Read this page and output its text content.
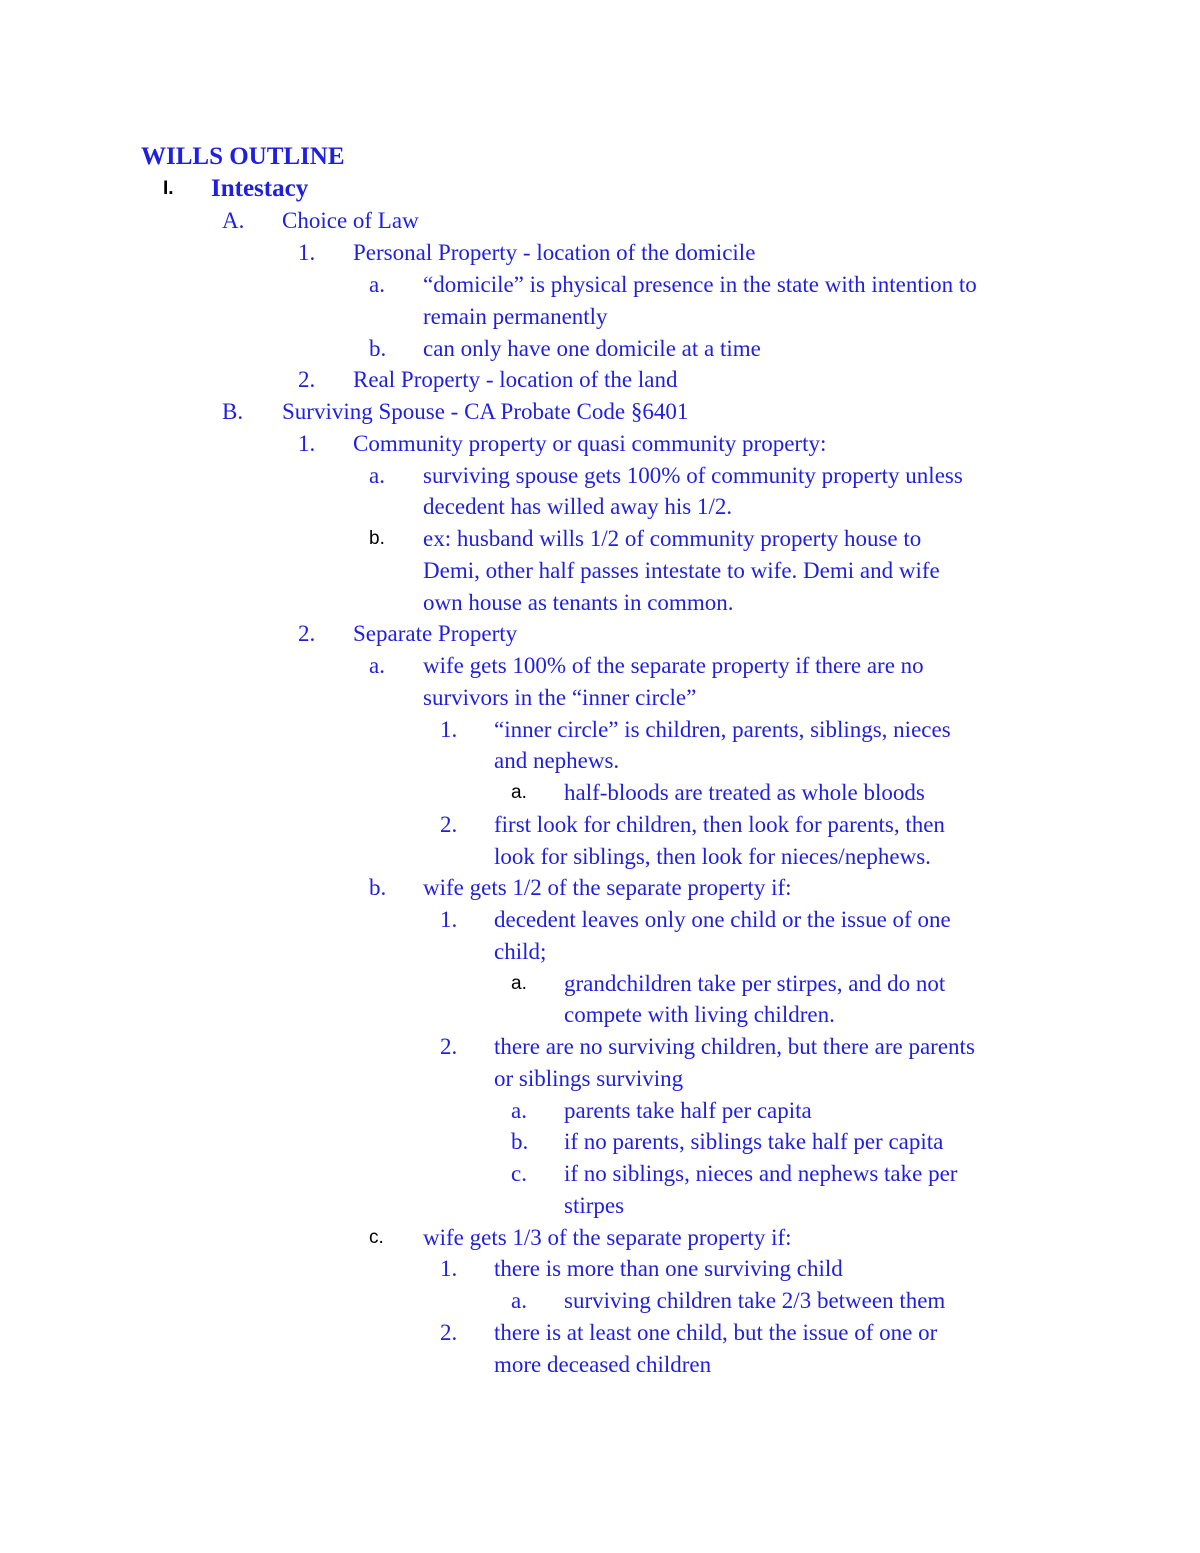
WILLS OUTLINE
I. Intestacy
A. Choice of Law
1. Personal Property - location of the domicile
a. “domicile” is physical presence in the state with intention to
remain permanently
b. can only have one domicile at a time
2. Real Property - location of the land
B. Surviving Spouse - CA Probate Code §6401
1. Community property or quasi community property:
a. surviving spouse gets 100% of community property unless
decedent has willed away his 1/2.
b. ex: husband wills 1/2 of community property house to
Demi, other half passes intestate to wife. Demi and wife
own house as tenants in common.
2. Separate Property
a. wife gets 100% of the separate property if there are no
survivors in the “inner circle”
1. “inner circle” is children, parents, siblings, nieces
and nephews.
a. half-bloods are treated as whole bloods
2. first look for children, then look for parents, then
look for siblings, then look for nieces/nephews.
b. wife gets 1/2 of the separate property if:
1. decedent leaves only one child or the issue of one
child;
a. grandchildren take per stirpes, and do not
compete with living children.
2. there are no surviving children, but there are parents
or siblings surviving
a. parents take half per capita
b. if no parents, siblings take half per capita
c. if no siblings, nieces and nephews take per
stirpes
c. wife gets 1/3 of the separate property if:
1. there is more than one surviving child
a. surviving children take 2/3 between them
2. there is at least one child, but the issue of one or
more deceased children
